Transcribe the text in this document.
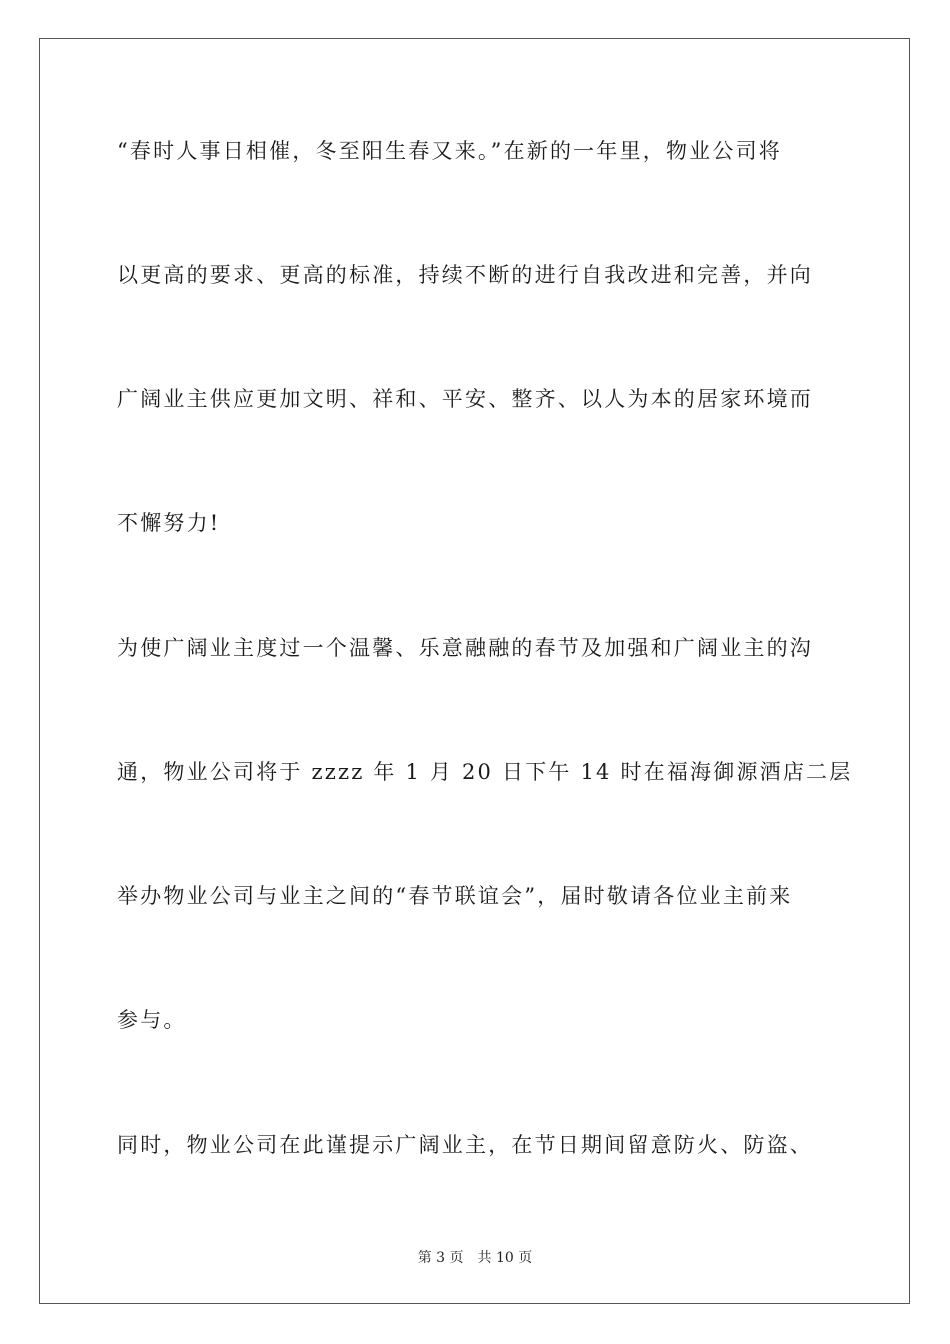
“春时人事日相催，冬至阳生春又来。”在新的一年里，物业公司将
以更高的要求、更高的标准，持续不断的进行自我改进和完善，并向
广阔业主供应更加文明、祥和、平安、整齐、以人为本的居家环境而
不懈努力!
为使广阔业主度过一个温馨、乐意融融的春节及加强和广阔业主的沟
通，物业公司将于 zzzz 年 1 月 20 日下午 14 时在福海御源酒店二层
举办物业公司与业主之间的“春节联谊会”，届时敬请各位业主前来
参与。
同时，物业公司在此谨提示广阔业主，在节日期间留意防火、防盗、
第 3 页 共 10 页
